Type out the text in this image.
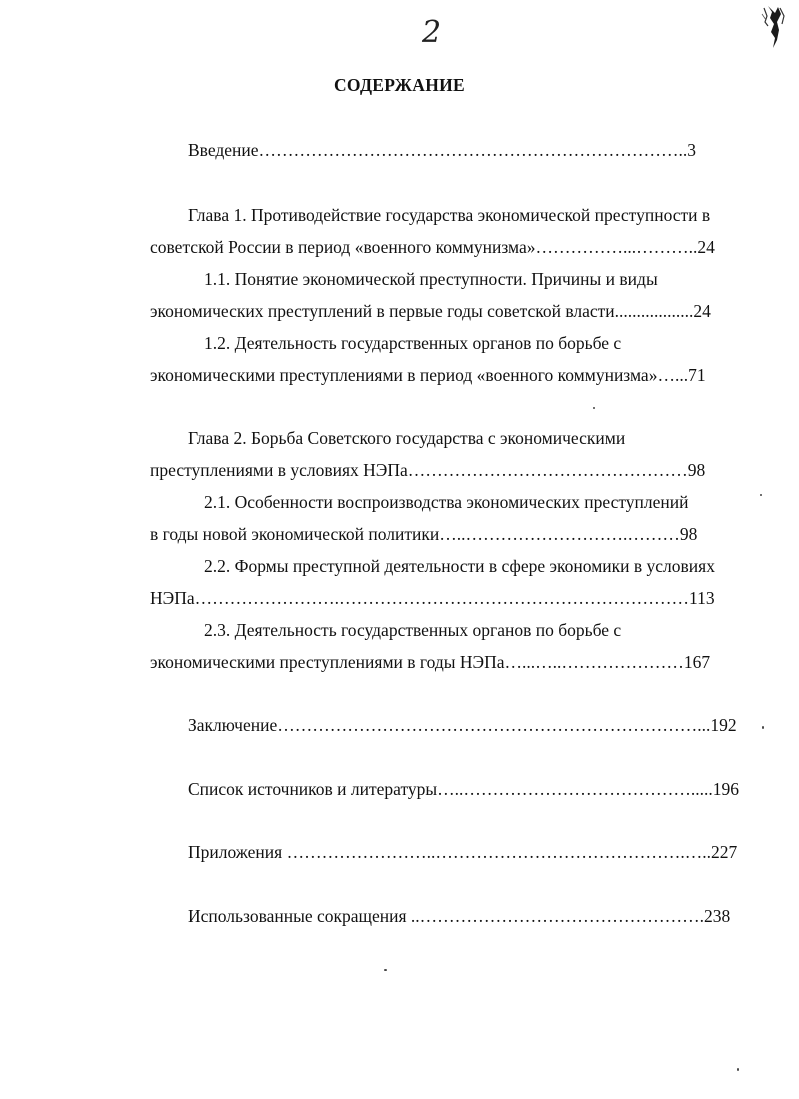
2
СОДЕРЖАНИЕ
Введение………………………………………………………………..3
Глава 1. Противодействие государства экономической преступности в
советской России в период «военного коммунизма»……………...………..24
1.1. Понятие экономической преступности. Причины и виды
экономических преступлений в первые годы советской власти..................24
1.2. Деятельность государственных органов по борьбе с
экономическими преступлениями в период «военного коммунизма»…...71
Глава 2. Борьба Советского государства с экономическими
преступлениями в условиях НЭПа…………………………………………98
2.1. Особенности воспроизводства экономических преступлений
в годы новой экономической политики…..……………………….………98
2.2. Формы преступной деятельности в сфере экономики в условиях
НЭПа…………………….……………………………………………………113
2.3. Деятельность государственных органов по борьбе с
экономическими преступлениями в годы НЭПа…...…..…………………167
Заключение………………………………………………………………...192
Список источников и литературы…..………………………………….....196
Приложения ……………………..…………………………………….…..227
Использованные сокращения ..………………………………………….238
